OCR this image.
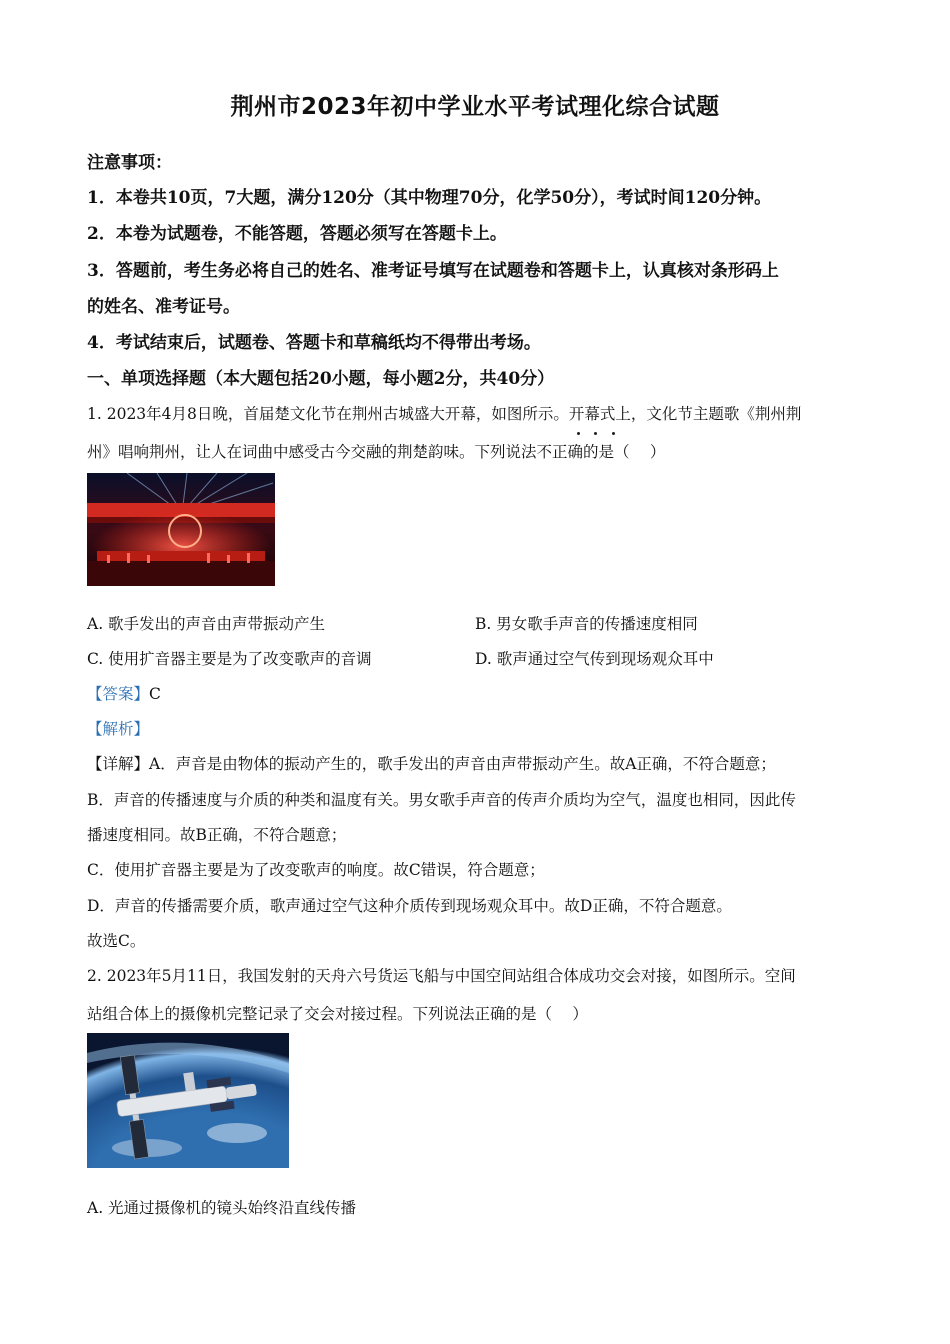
荆州市2023年初中学业水平考试理化综合试题
注意事项：
1．本卷共10页，7大题，满分120分（其中物理70分，化学50分），考试时间120分钟。
2．本卷为试题卷，不能答题，答题必须写在答题卡上。
3．答题前，考生务必将自己的姓名、准考证号填写在试题卷和答题卡上，认真核对条形码上
的姓名、准考证号。
4．考试结束后，试题卷、答题卡和草稿纸均不得带出考场。
一、单项选择题（本大题包括20小题，每小题2分，共40分）
1. 2023年4月8日晚，首届楚文化节在荆州古城盛大开幕，如图所示。开幕式上，文化节主题歌《荆州荆
州》唱响荆州，让人在词曲中感受古今交融的荆楚韵味。下列说法不正确的是（　 ）
A. 歌手发出的声音由声带振动产生	B. 男女歌手声音的传播速度相同
C. 使用扩音器主要是为了改变歌声的音调	D. 歌声通过空气传到现场观众耳中
【答案】C
【解析】
【详解】A．声音是由物体的振动产生的，歌手发出的声音由声带振动产生。故A正确，不符合题意；
B．声音的传播速度与介质的种类和温度有关。男女歌手声音的传声介质均为空气，温度也相同，因此传
播速度相同。故B正确，不符合题意；
C．使用扩音器主要是为了改变歌声的响度。故C错误，符合题意；
D．声音的传播需要介质，歌声通过空气这种介质传到现场观众耳中。故D正确，不符合题意。
故选C。
2. 2023年5月11日，我国发射的天舟六号货运飞船与中国空间站组合体成功交会对接，如图所示。空间
站组合体上的摄像机完整记录了交会对接过程。下列说法正确的是（　 ）
A. 光通过摄像机的镜头始终沿直线传播
